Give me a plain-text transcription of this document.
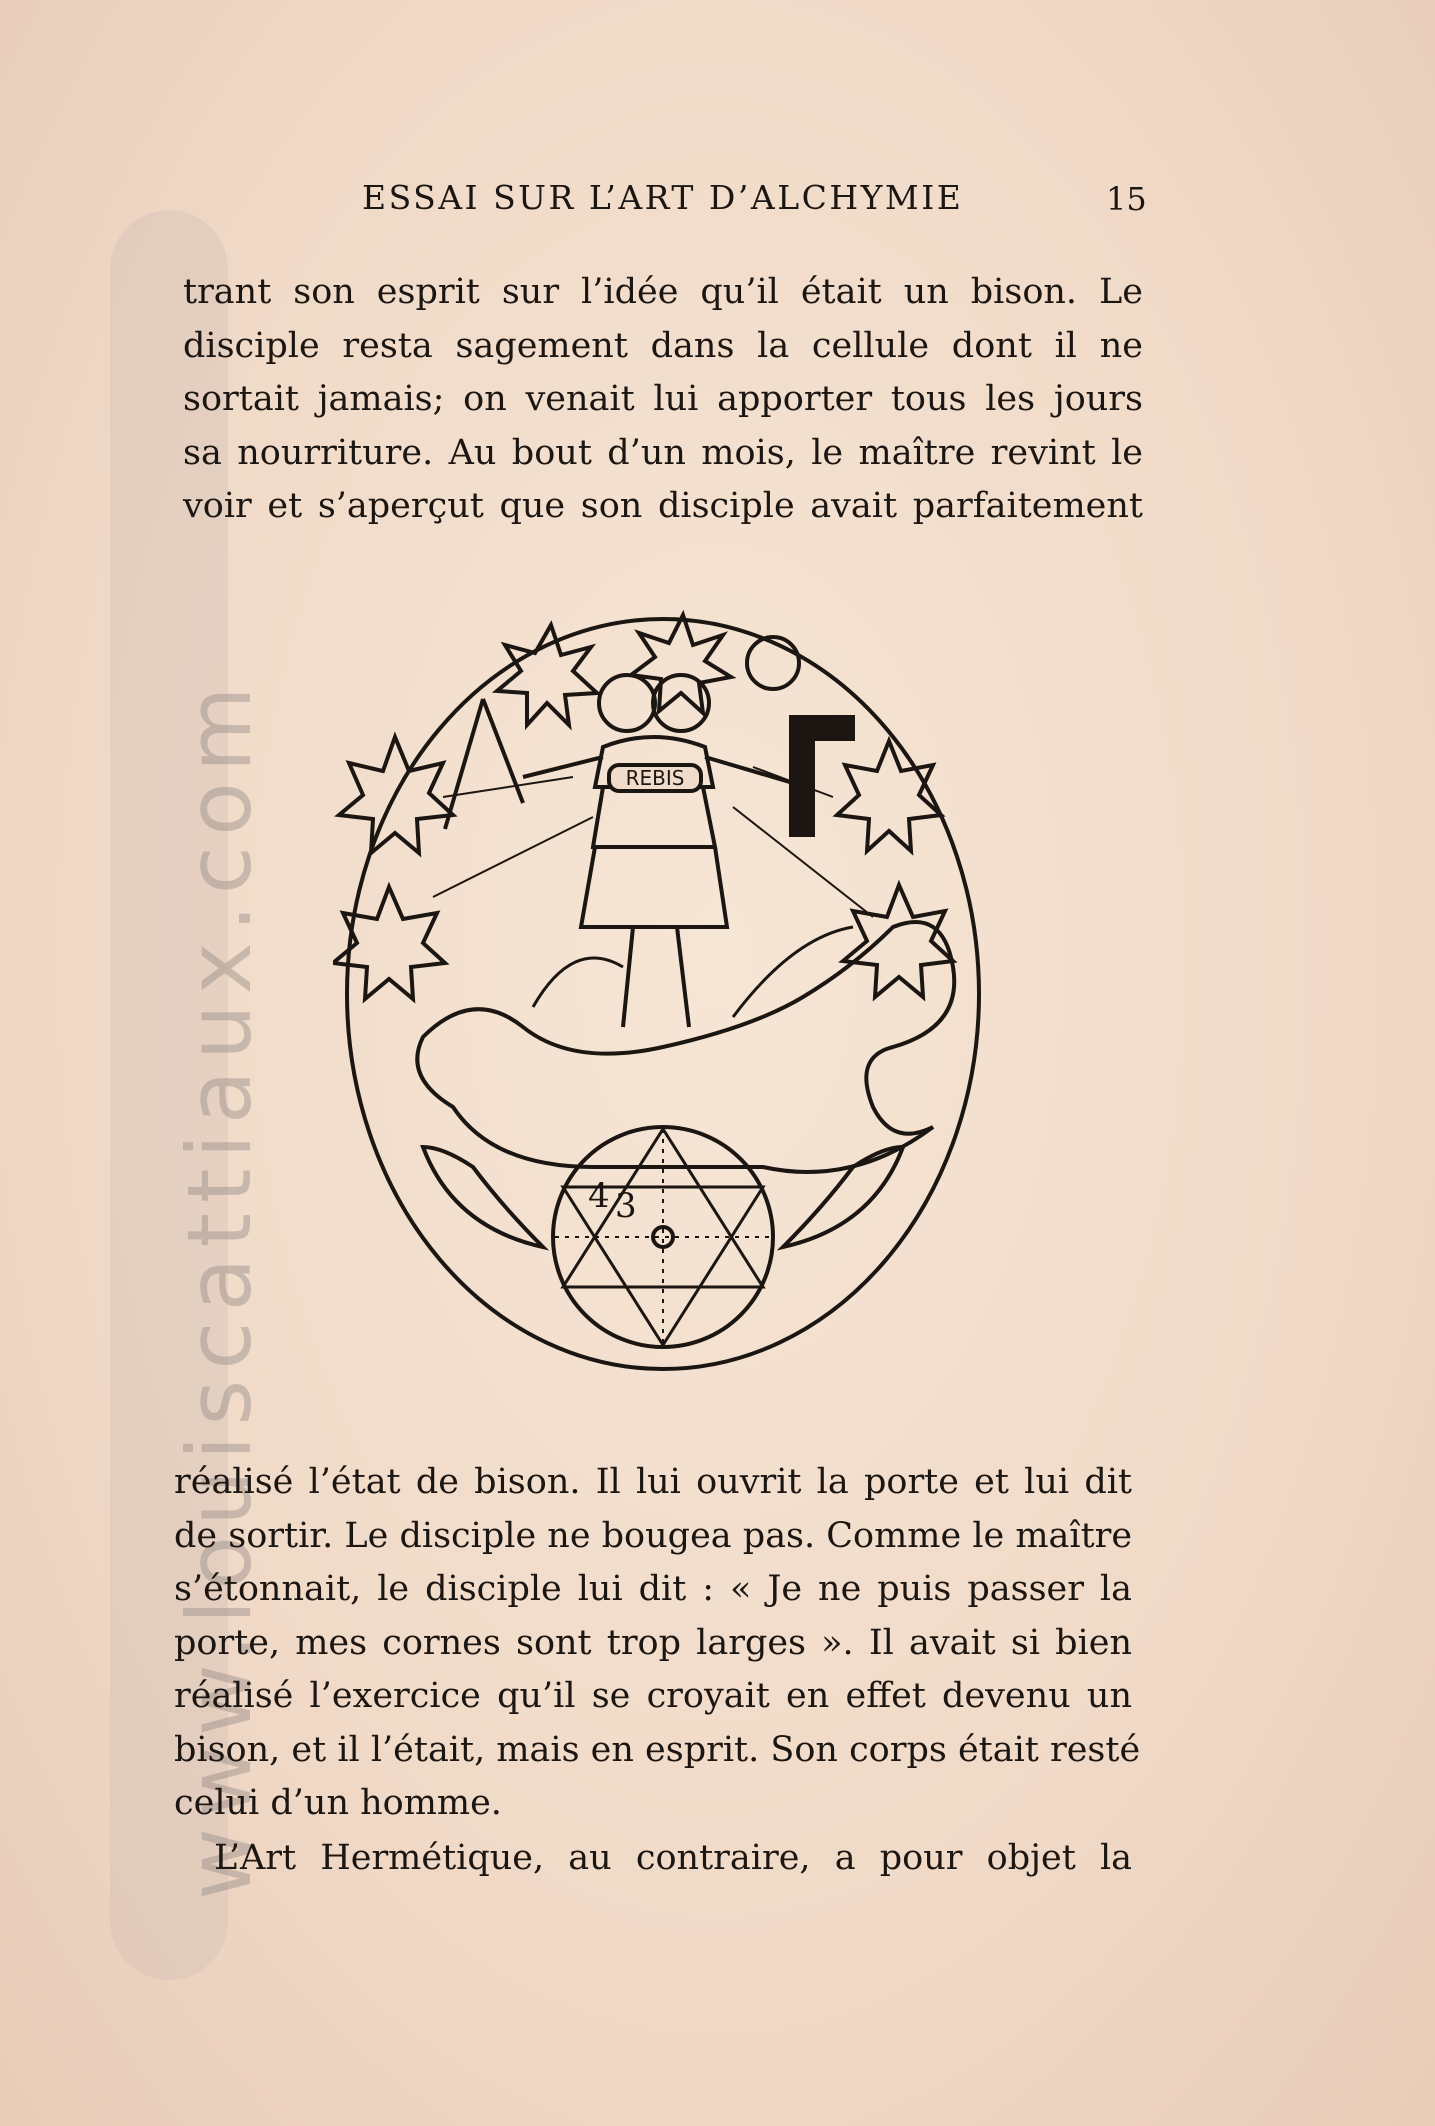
www.louiscattiaux.com
ESSAI SUR L’ART D’ALCHYMIE	15
trant son esprit sur l’idée qu’il était un bison. Le
disciple resta sagement dans la cellule dont il ne
sortait jamais; on venait lui apporter tous les jours
sa nourriture. Au bout d’un mois, le maître revint le
voir et s’aperçut que son disciple avait parfaitement
REBIS
4 3
réalisé l’état de bison. Il lui ouvrit la porte et lui dit
de sortir. Le disciple ne bougea pas. Comme le maître
s’étonnait, le disciple lui dit : « Je ne puis passer la
porte, mes cornes sont trop larges ». Il avait si bien
réalisé l’exercice qu’il se croyait en effet devenu un
bison, et il l’était, mais en esprit. Son corps était resté
celui d’un homme.
L’Art Hermétique, au contraire, a pour objet la
